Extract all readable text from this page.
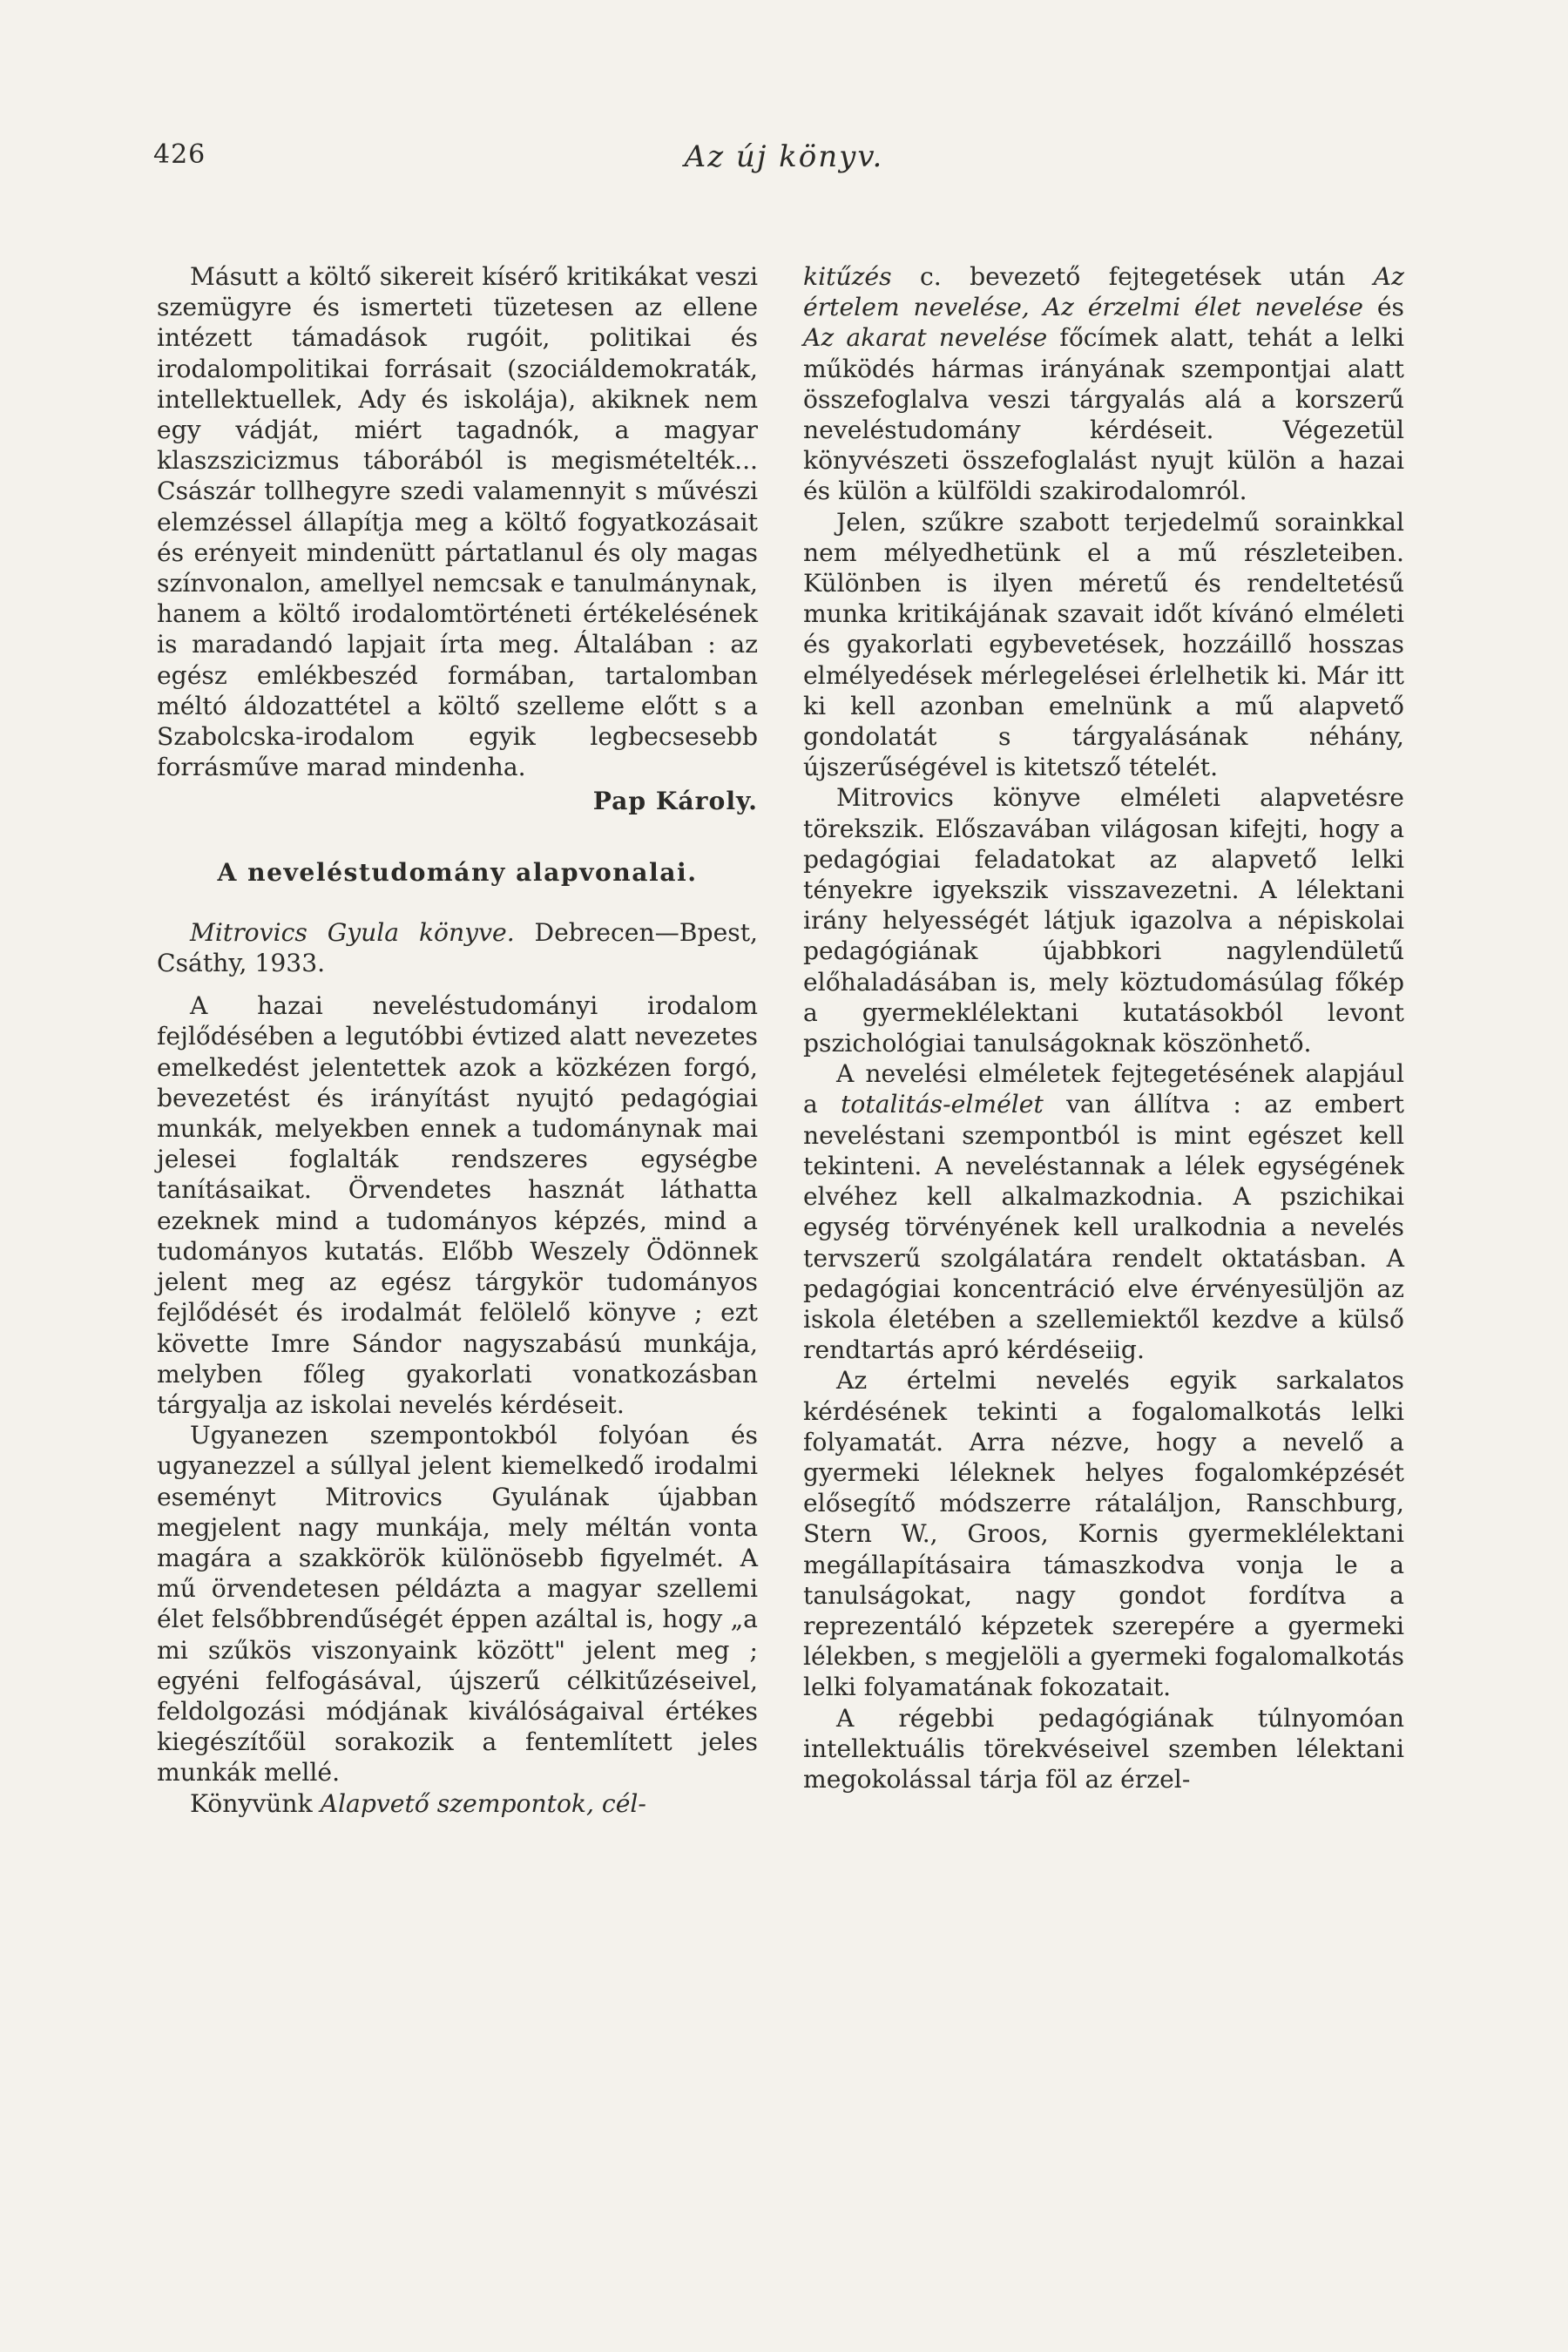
426	Az új könyv.

Másutt a költő sikereit kísérő kritikákat veszi szemügyre és ismerteti tüzetesen az ellene intézett támadások rugóit, politikai és irodalompolitikai forrásait (szociáldemokraták, intellektuellek, Ady és iskolája), akiknek nem egy vádját, miért tagadnók, a magyar klaszszicizmus táborából is megismételték... Császár tollhegyre szedi valamennyit s művészi elemzéssel állapítja meg a költő fogyatkozásait és erényeit mindenütt pártatlanul és oly magas színvonalon, amellyel nemcsak e tanulmánynak, hanem a költő irodalomtörténeti értékelésének is maradandó lapjait írta meg. Általában : az egész emlékbeszéd formában, tartalomban méltó áldozattétel a költő szelleme előtt s a Szabolcska-irodalom egyik legbecsesebb forrásműve marad mindenha.

Pap Károly.

A neveléstudomány alapvonalai.

Mitrovics Gyula könyve. Debrecen—Bpest, Csáthy, 1933.

A hazai neveléstudományi irodalom fejlődésében a legutóbbi évtized alatt nevezetes emelkedést jelentettek azok a közkézen forgó, bevezetést és irányítást nyujtó pedagógiai munkák, melyekben ennek a tudománynak mai jelesei foglalták rendszeres egységbe tanításaikat. Örvendetes hasznát láthatta ezeknek mind a tudományos képzés, mind a tudományos kutatás. Előbb Weszely Ödönnek jelent meg az egész tárgykör tudományos fejlődését és irodalmát felölelő könyve ; ezt követte Imre Sándor nagyszabású munkája, melyben főleg gyakorlati vonatkozásban tárgyalja az iskolai nevelés kérdéseit.

Ugyanezen szempontokból folyóan és ugyanezzel a súllyal jelent kiemelkedő irodalmi eseményt Mitrovics Gyulának újabban megjelent nagy munkája, mely méltán vonta magára a szakkörök különösebb figyelmét. A mű örvendetesen példázta a magyar szellemi élet felsőbbrendűségét éppen azáltal is, hogy „a mi szűkös viszonyaink között" jelent meg ; egyéni felfogásával, újszerű célkitűzéseivel, feldolgozási módjának kiválóságaival értékes kiegészítőül sorakozik a fentemlített jeles munkák mellé.

Könyvünk Alapvető szempontok, cél-

kitűzés c. bevezető fejtegetések után Az értelem nevelése, Az érzelmi élet nevelése és Az akarat nevelése főcímek alatt, tehát a lelki működés hármas irányának szempontjai alatt összefoglalva veszi tárgyalás alá a korszerű neveléstudomány kérdéseit. Végezetül könyvészeti összefoglalást nyujt külön a hazai és külön a külföldi szakirodalomról.

Jelen, szűkre szabott terjedelmű sorainkkal nem mélyedhetünk el a mű részleteiben. Különben is ilyen méretű és rendeltetésű munka kritikájának szavait időt kívánó elméleti és gyakorlati egybevetések, hozzáillő hosszas elmélyedések mérlegelései érlelhetik ki. Már itt ki kell azonban emelnünk a mű alapvető gondolatát s tárgyalásának néhány, újszerűségével is kitetsző tételét.

Mitrovics könyve elméleti alapvetésre törekszik. Előszavában világosan kifejti, hogy a pedagógiai feladatokat az alapvető lelki tényekre igyekszik visszavezetni. A lélektani irány helyességét látjuk igazolva a népiskolai pedagógiának újabbkori nagylendületű előhaladásában is, mely köztudomásúlag főkép a gyermeklélektani kutatásokból levont pszichológiai tanulságoknak köszönhető.

A nevelési elméletek fejtegetésének alapjául a totalitás-elmélet van állítva : az embert neveléstani szempontból is mint egészet kell tekinteni. A neveléstannak a lélek egységének elvéhez kell alkalmazkodnia. A pszichikai egység törvényének kell uralkodnia a nevelés tervszerű szolgálatára rendelt oktatásban. A pedagógiai koncentráció elve érvényesüljön az iskola életében a szellemiektől kezdve a külső rendtartás apró kérdéseiig.

Az értelmi nevelés egyik sarkalatos kérdésének tekinti a fogalomalkotás lelki folyamatát. Arra nézve, hogy a nevelő a gyermeki léleknek helyes fogalomképzését elősegítő módszerre rátaláljon, Ranschburg, Stern W., Groos, Kornis gyermeklélektani megállapításaira támaszkodva vonja le a tanulságokat, nagy gondot fordítva a reprezentáló képzetek szerepére a gyermeki lélekben, s megjelöli a gyermeki fogalomalkotás lelki folyamatának fokozatait.

A régebbi pedagógiának túlnyomóan intellektuális törekvéseivel szemben lélektani megokolással tárja föl az érzel-
